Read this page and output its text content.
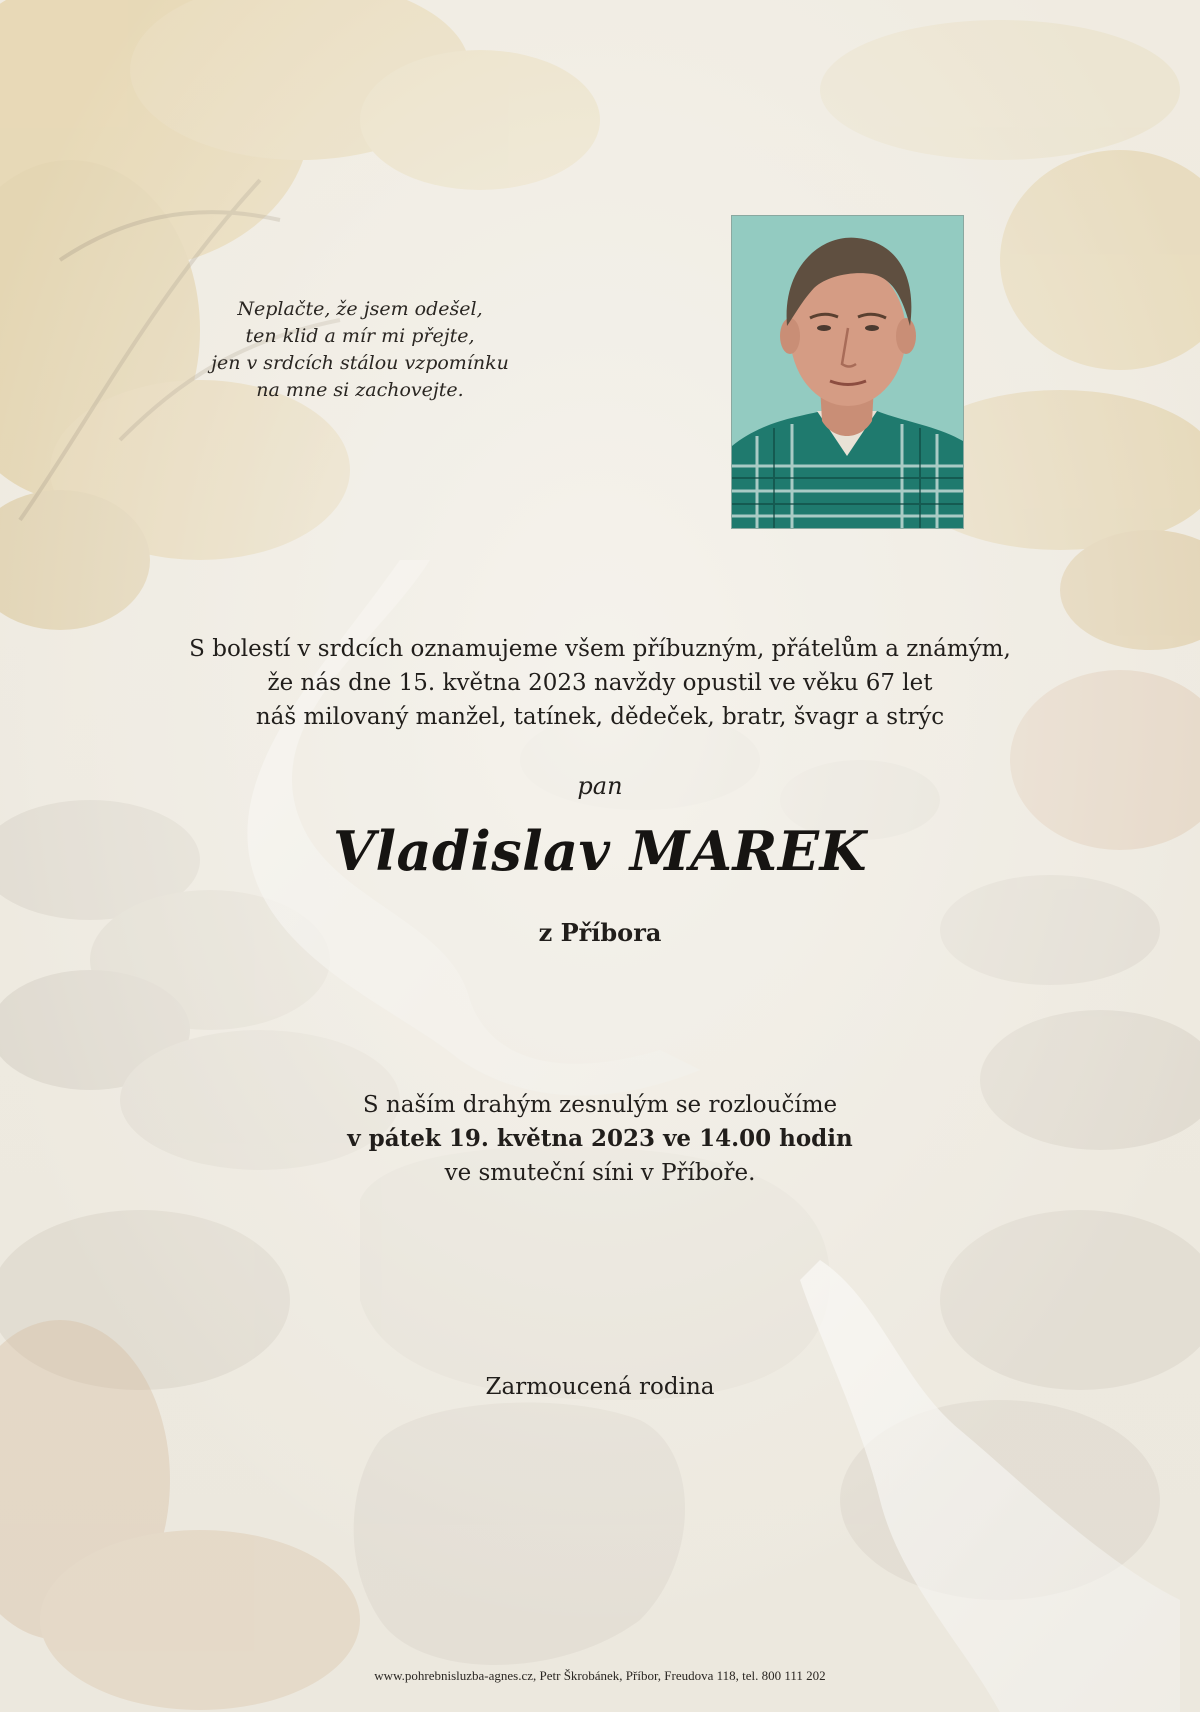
Neplačte, že jsem odešel,
ten klid a mír mi přejte,
jen v srdcích stálou vzpomínku
na mne si zachovejte.
S bolestí v srdcích oznamujeme všem příbuzným, přátelům a známým,
že nás dne 15. května 2023 navždy opustil ve věku 67 let
náš milovaný manžel, tatínek, dědeček, bratr, švagr a strýc
pan
Vladislav MAREK
z Příbora
S naším drahým zesnulým se rozloučíme
v pátek 19. května 2023 ve 14.00 hodin
ve smuteční síni v Příboře.
Zarmoucená rodina
www.pohrebnisluzba-agnes.cz, Petr Škrobánek, Příbor, Freudova 118, tel. 800 111 202
